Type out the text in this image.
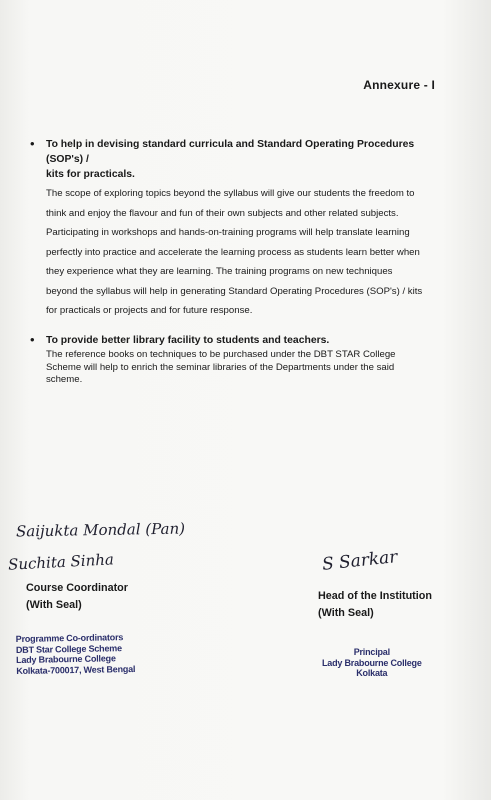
Annexure - I
• To help in devising standard curricula and Standard Operating Procedures (SOP's) /
kits for practicals.
The scope of exploring topics beyond the syllabus will give our students the freedom to
think and enjoy the flavour and fun of their own subjects and other related subjects.
Participating in workshops and hands-on-training programs will help translate learning
perfectly into practice and accelerate the learning process as students learn better when
they experience what they are learning. The training programs on new techniques
beyond the syllabus will help in generating Standard Operating Procedures (SOP's) / kits
for practicals or projects and for future response.
• To provide better library facility to students and teachers.
The reference books on techniques to be purchased under the DBT STAR College
Scheme will help to enrich the seminar libraries of the Departments under the said
scheme.
Saijukta Mondal (Pan)
Suchita Sinha	S Sarkar
Course Coordinator
(With Seal)
Head of the Institution
(With Seal)
Programme Co-ordinators
DBT Star College Scheme
Lady Brabourne College
Kolkata-700017, West Bengal
Principal
Lady Brabourne College
Kolkata
